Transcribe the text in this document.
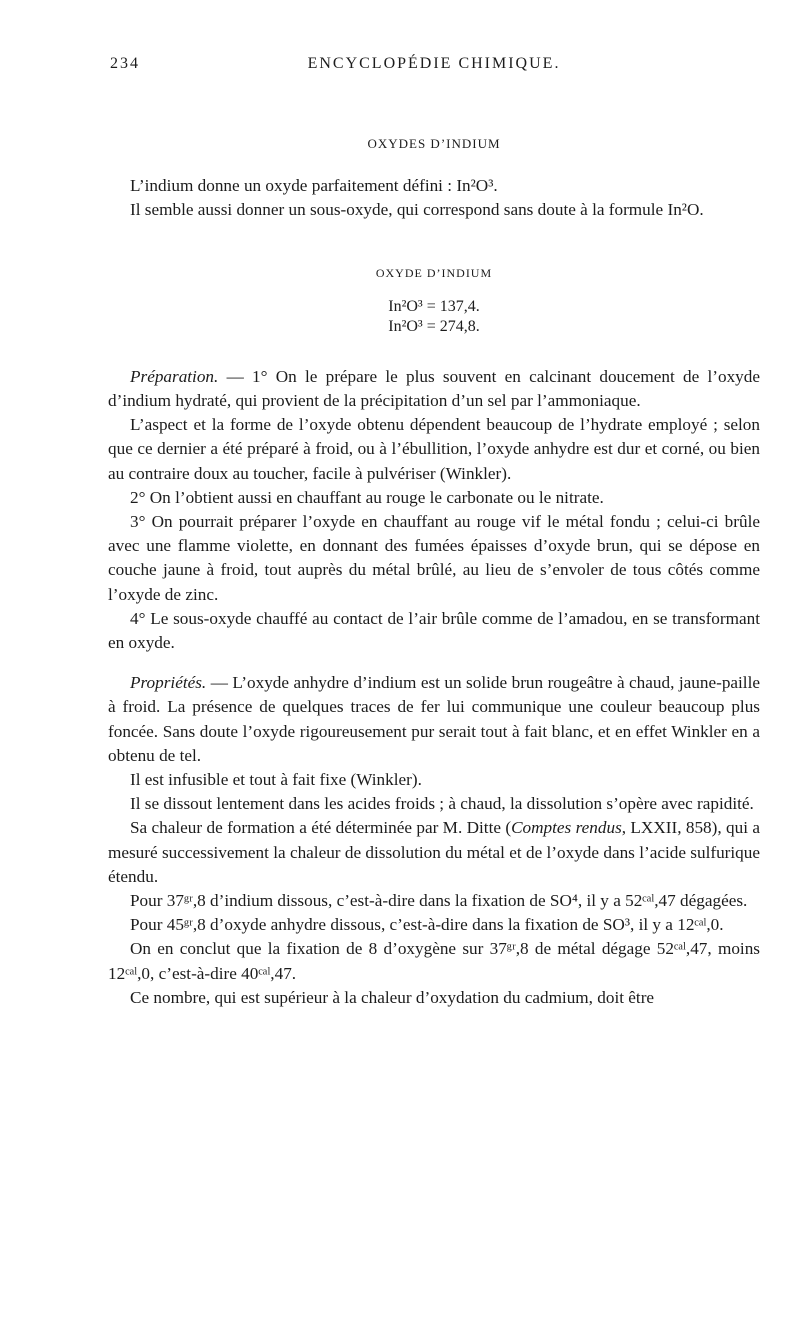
234	ENCYCLOPÉDIE CHIMIQUE.
OXYDES D’INDIUM

L’indium donne un oxyde parfaitement défini : In²O³.

Il semble aussi donner un sous-oxyde, qui correspond sans doute à la formule In²O.

OXYDE D’INDIUM
In²O³ = 137,4.
In²O³ = 274,8.

Préparation. — 1° On le prépare le plus souvent en calcinant doucement de l’oxyde d’indium hydraté, qui provient de la précipitation d’un sel par l’ammoniaque.

L’aspect et la forme de l’oxyde obtenu dépendent beaucoup de l’hydrate employé ; selon que ce dernier a été préparé à froid, ou à l’ébullition, l’oxyde anhydre est dur et corné, ou bien au contraire doux au toucher, facile à pulvériser (Winkler).

2° On l’obtient aussi en chauffant au rouge le carbonate ou le nitrate.

3° On pourrait préparer l’oxyde en chauffant au rouge vif le métal fondu ; celui-ci brûle avec une flamme violette, en donnant des fumées épaisses d’oxyde brun, qui se dépose en couche jaune à froid, tout auprès du métal brûlé, au lieu de s’envoler de tous côtés comme l’oxyde de zinc.

4° Le sous-oxyde chauffé au contact de l’air brûle comme de l’amadou, en se transformant en oxyde.

Propriétés. — L’oxyde anhydre d’indium est un solide brun rougeâtre à chaud, jaune-paille à froid. La présence de quelques traces de fer lui communique une couleur beaucoup plus foncée. Sans doute l’oxyde rigoureusement pur serait tout à fait blanc, et en effet Winkler en a obtenu de tel.

Il est infusible et tout à fait fixe (Winkler).

Il se dissout lentement dans les acides froids ; à chaud, la dissolution s’opère avec rapidité.

Sa chaleur de formation a été déterminée par M. Ditte (Comptes rendus, LXXII, 858), qui a mesuré successivement la chaleur de dissolution du métal et de l’oxyde dans l’acide sulfurique étendu.

Pour 37ᵍʳ,8 d’indium dissous, c’est-à-dire dans la fixation de SO⁴, il y a 52ᶜᵃˡ,47 dégagées.

Pour 45ᵍʳ,8 d’oxyde anhydre dissous, c’est-à-dire dans la fixation de SO³, il y a 12ᶜᵃˡ,0.

On en conclut que la fixation de 8 d’oxygène sur 37ᵍʳ,8 de métal dégage 52ᶜᵃˡ,47, moins 12ᶜᵃˡ,0, c’est-à-dire 40ᶜᵃˡ,47.

Ce nombre, qui est supérieur à la chaleur d’oxydation du cadmium, doit être
